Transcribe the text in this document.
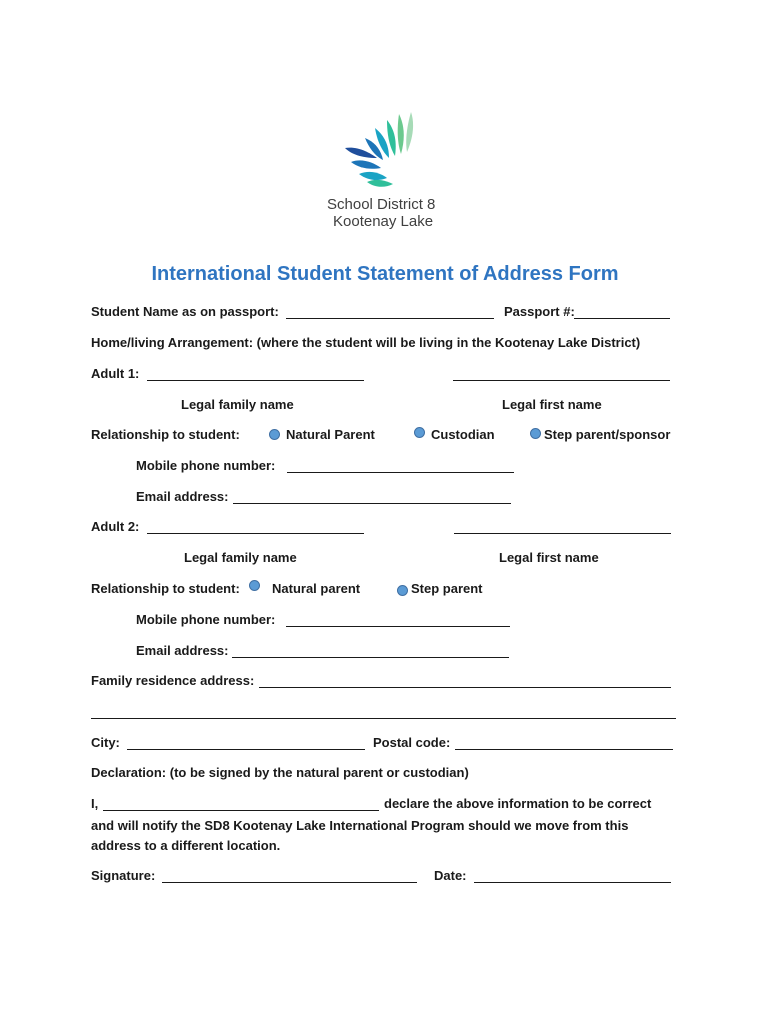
School District 8
Kootenay Lake
International Student Statement of Address Form
Student Name as on passport:	Passport #:
Home/living Arrangement: (where the student will be living in the Kootenay Lake District)
Adult 1:
Legal family name	Legal first name
Relationship to student:	Natural Parent	Custodian	Step parent/sponsor
Mobile phone number:
Email address:
Adult 2:
Legal family name	Legal first name
Relationship to student: Natural parent	Step parent
Mobile phone number:
Email address:
Family residence address:
City:	Postal code:
Declaration: (to be signed by the natural parent or custodian)
I,	declare the above information to be correct
and will notify the SD8 Kootenay Lake International Program should we move from this address to a different location.
Signature:	Date:
